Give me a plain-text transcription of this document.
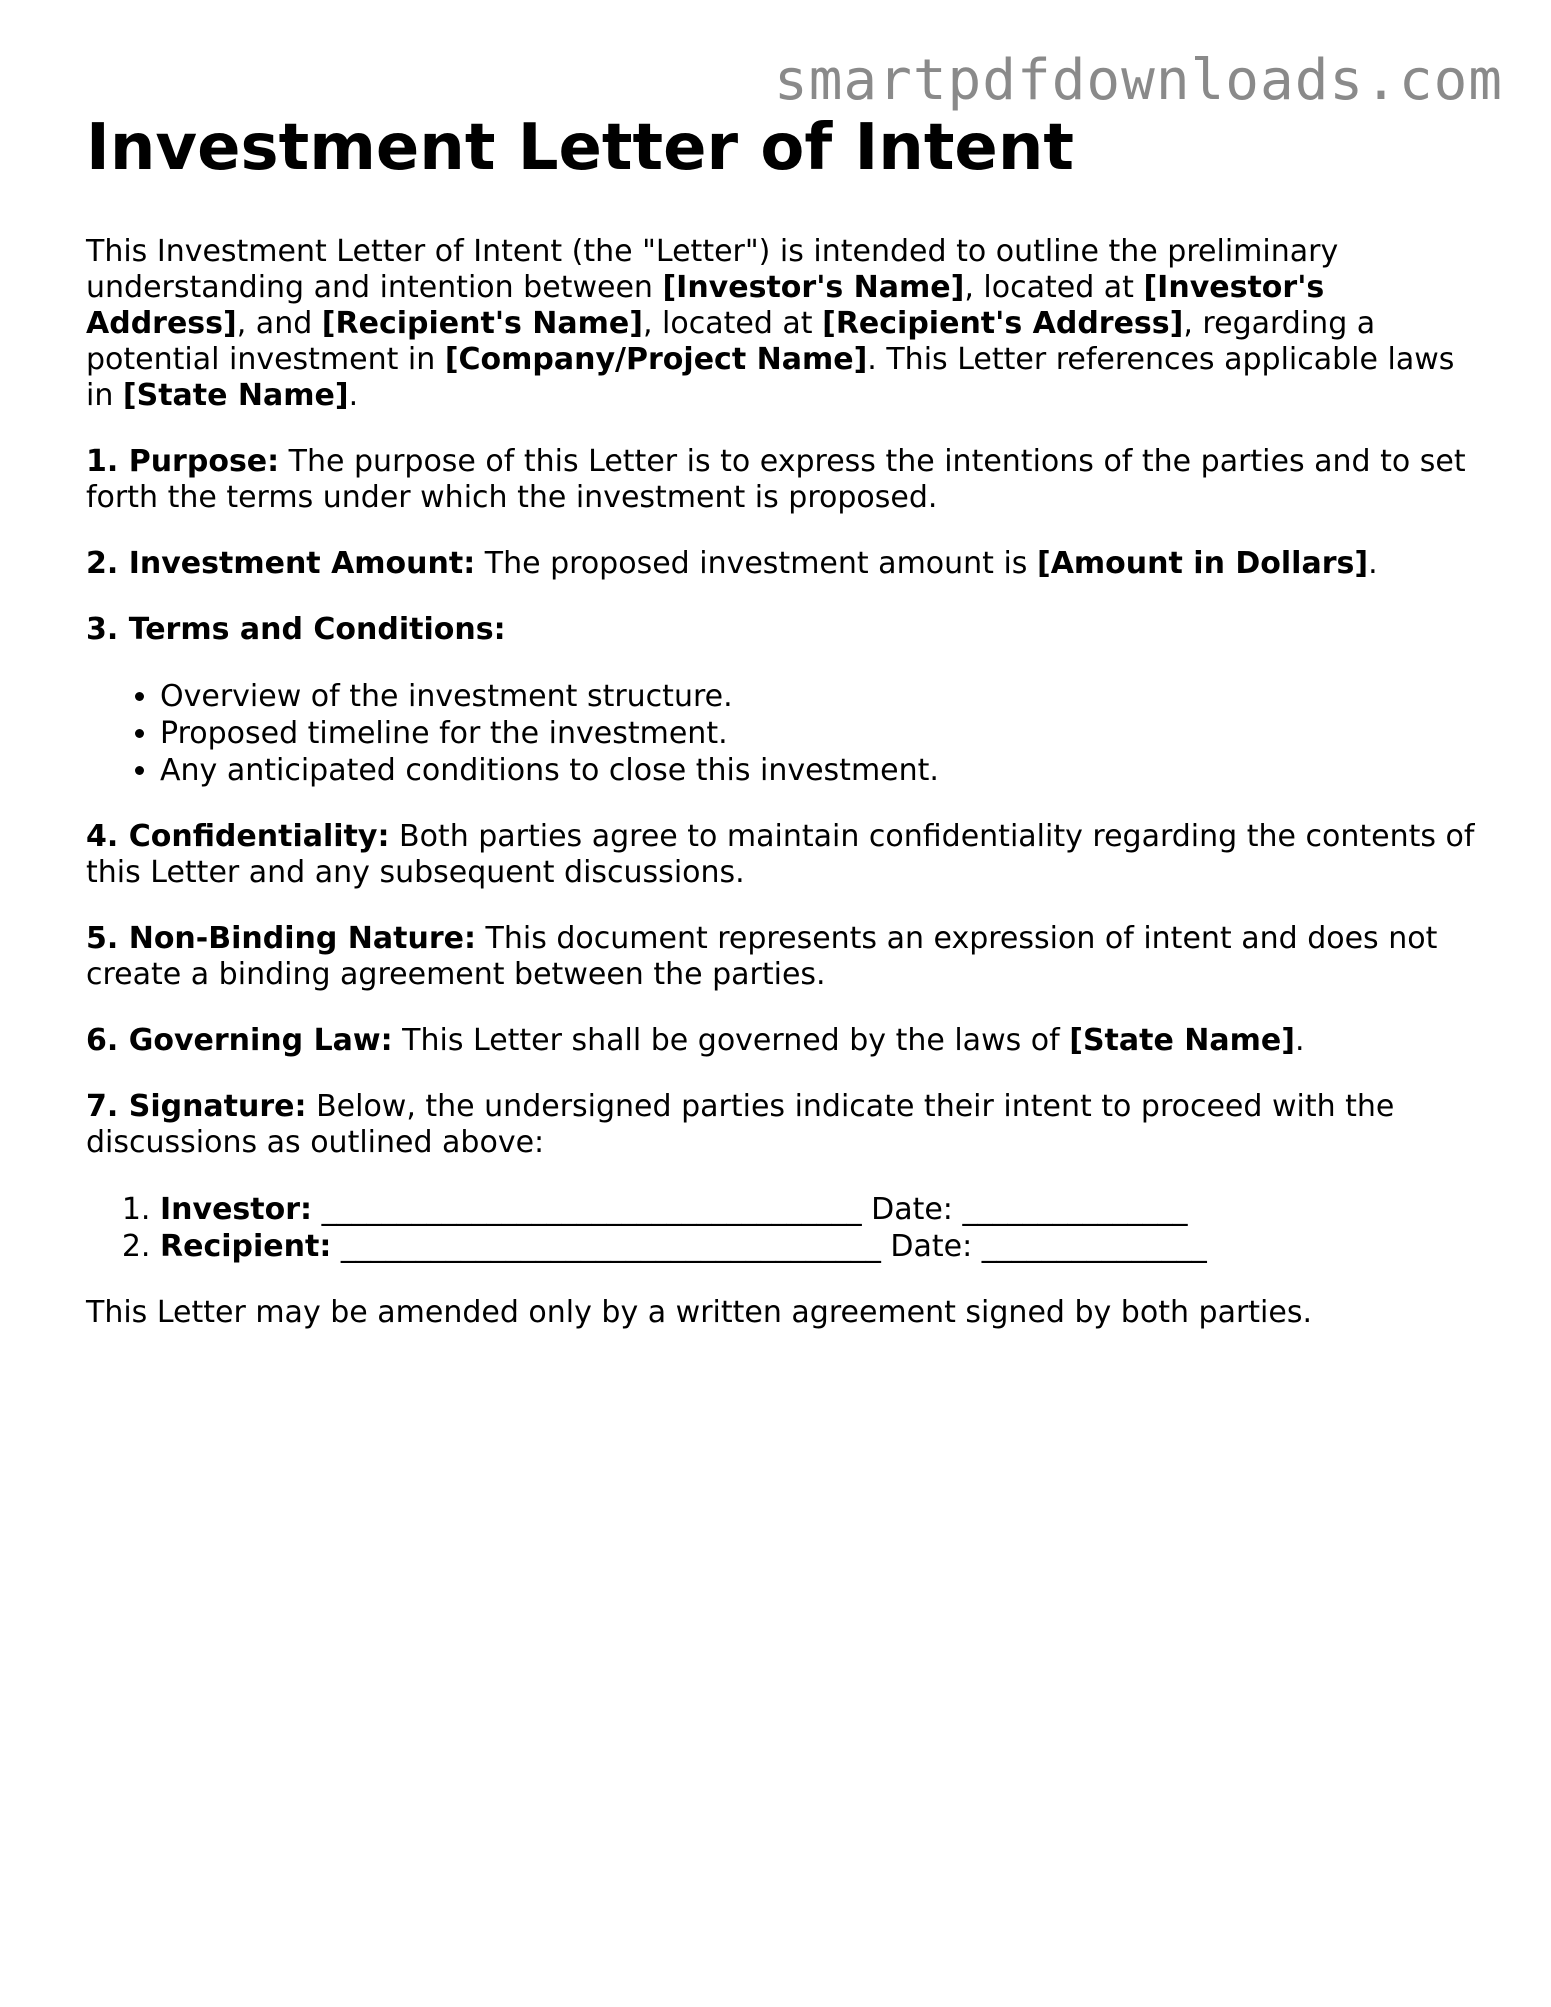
smartpdfdownloads.com
Investment Letter of Intent

This Investment Letter of Intent (the "Letter") is intended to outline the preliminary understanding and intention between [Investor's Name], located at [Investor's Address], and [Recipient's Name], located at [Recipient's Address], regarding a potential investment in [Company/Project Name]. This Letter references applicable laws in [State Name].

1. Purpose: The purpose of this Letter is to express the intentions of the parties and to set forth the terms under which the investment is proposed.

2. Investment Amount: The proposed investment amount is [Amount in Dollars].

3. Terms and Conditions:

• Overview of the investment structure.
• Proposed timeline for the investment.
• Any anticipated conditions to close this investment.

4. Confidentiality: Both parties agree to maintain confidentiality regarding the contents of this Letter and any subsequent discussions.

5. Non-Binding Nature: This document represents an expression of intent and does not create a binding agreement between the parties.

6. Governing Law: This Letter shall be governed by the laws of [State Name].

7. Signature: Below, the undersigned parties indicate their intent to proceed with the discussions as outlined above:

1. Investor: ____________________________________ Date: _______________
2. Recipient: ____________________________________ Date: _______________

This Letter may be amended only by a written agreement signed by both parties.
